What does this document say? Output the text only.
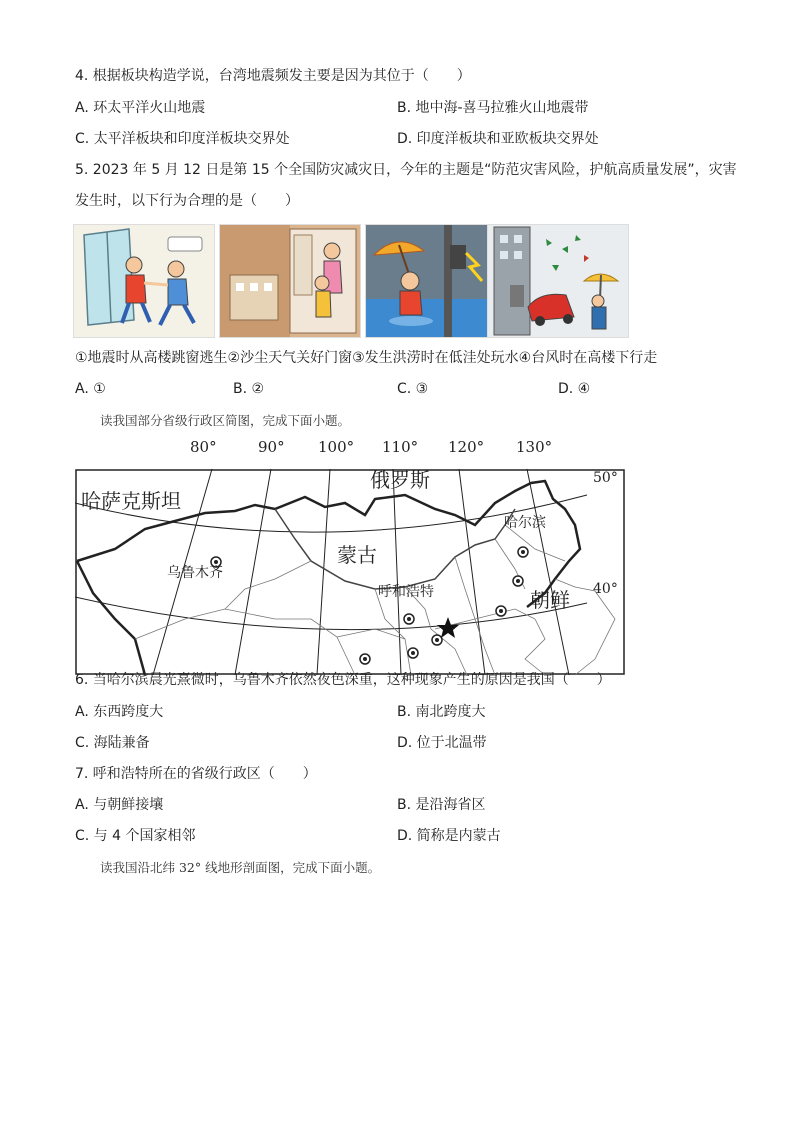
4. 根据板块构造学说，台湾地震频发主要是因为其位于（　　）
A. 环太平洋火山地震	B. 地中海-喜马拉雅火山地震带
C. 太平洋板块和印度洋板块交界处	D. 印度洋板块和亚欧板块交界处
5. 2023 年 5 月 12 日是第 15 个全国防灾减灾日，今年的主题是“防范灾害风险，护航高质量发展”，灾害
发生时，以下行为合理的是（　　）
①地震时从高楼跳窗逃生②沙尘天气关好门窗③发生洪涝时在低洼处玩水④台风时在高楼下行走
A. ①	B. ②	C. ③	D. ④
读我国部分省级行政区简图，完成下面小题。
80°	90° 100° 110° 120° 130°
哈萨克斯坦
俄罗斯
蒙古
哈尔滨
乌鲁木齐
呼和浩特	朝鲜
50°
40°
6. 当哈尔滨晨光熹微时，乌鲁木齐依然夜色深重，这种现象产生的原因是我国（　　）
A. 东西跨度大	B. 南北跨度大
C. 海陆兼备	D. 位于北温带
7. 呼和浩特所在的省级行政区（　　）
A. 与朝鲜接壤	B. 是沿海省区
C. 与 4 个国家相邻	D. 简称是内蒙古
读我国沿北纬 32° 线地形剖面图，完成下面小题。
